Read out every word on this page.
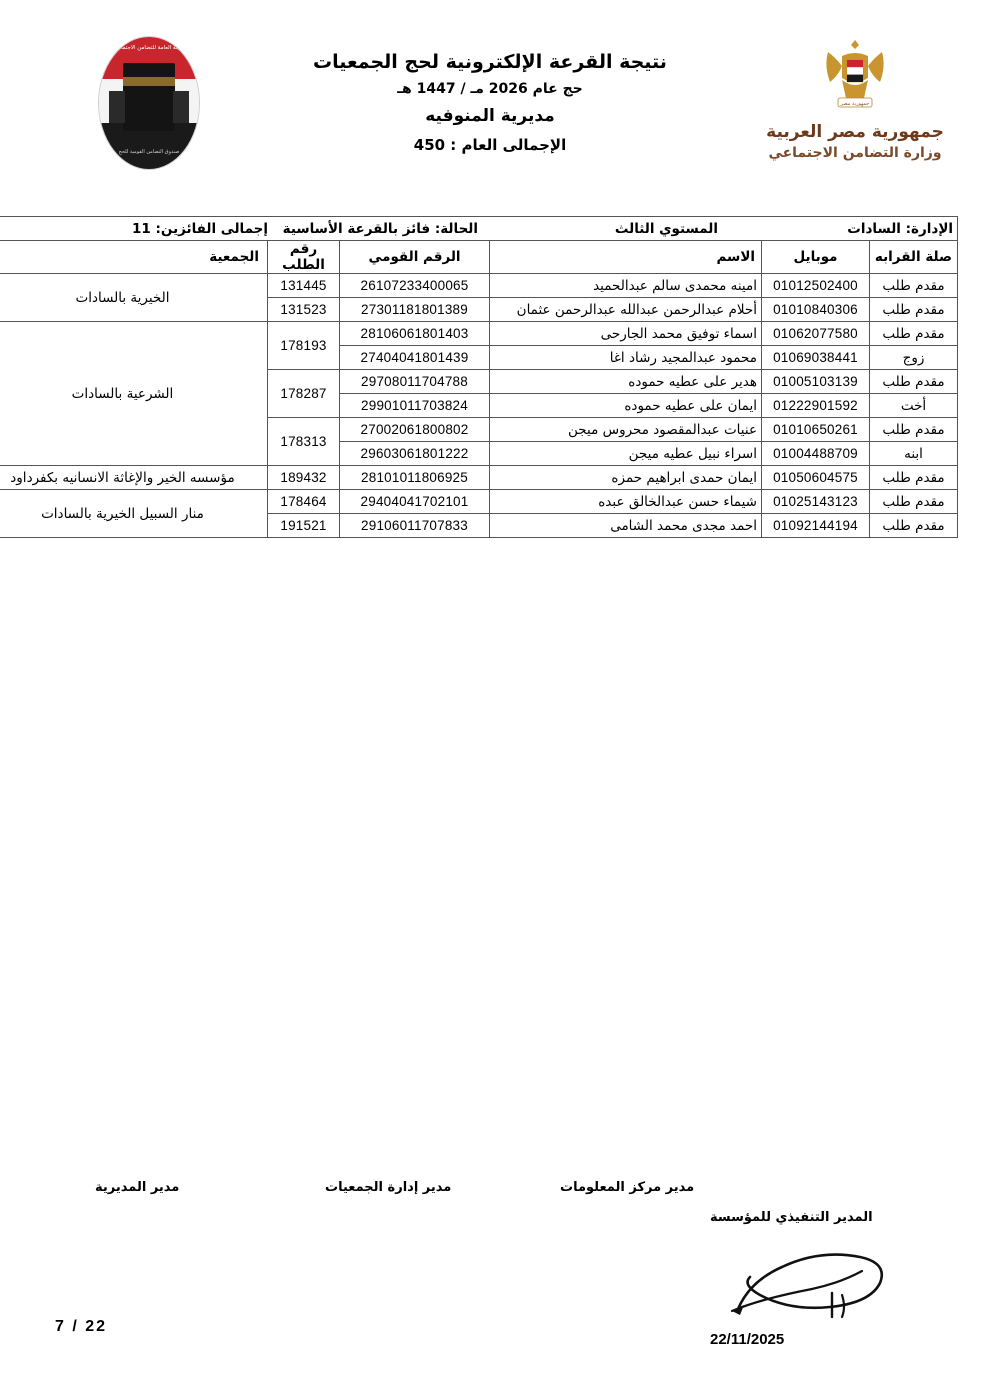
الهيئة العامة للتضامن الاجتماعي
صندوق التضامن القومية للحج
نتيجة القرعة الإلكترونية لحج الجمعيات
حج عام 2026 مـ / 1447 هـ
مديرية المنوفيه
الإجمالى العام : 450
جمهورية مصر
جمهورية مصر العربية
وزارة التضامن الاجتماعي
الإدارة: السادات
المستوي الثالث
الحالة: فائز بالقرعة الأساسية
إجمالى الفائزين: 11						

صلة القرابه	موبايل	الاسم	الرقم القومي	رقم الطلب	الجمعية	
مقدم طلب	01012502400	امينه محمدى سالم عبدالحميد	26107233400065	131445	الخيرية بالسادات	
مقدم طلب	01010840306	أحلام عبدالرحمن عبدالله عبدالرحمن عثمان	27301181801389	131523	
مقدم طلب	01062077580	اسماء توفيق محمد الجارحى	28106061801403	178193	الشرعية بالسادات	
زوج	01069038441	محمود عبدالمجيد رشاد اغا	27404041801439	
مقدم طلب	01005103139	هدير على عطيه حموده	29708011704788	178287	
أخت	01222901592	ايمان على عطيه حموده	29901011703824	
مقدم طلب	01010650261	عنيات عبدالمقصود محروس ميجن	27002061800802	178313	
ابنه	01004488709	اسراء نبيل عطيه ميجن	29603061801222	
مقدم طلب	01050604575	ايمان حمدى ابراهيم حمزه	28101011806925	189432	مؤسسه الخير والإغاثة الانسانيه بكفرداود	
مقدم طلب	01025143123	شيماء حسن عبدالخالق عبده	29404041702101	178464	منار السبيل الخيرية بالسادات	
مقدم طلب	01092144194	احمد مجدى محمد الشامى	29106011707833	191521	
مدير مركز المعلومات
مدير إدارة الجمعيات
مدير المديرية
المدير التنفيذي للمؤسسة
22/11/2025
7 / 22
